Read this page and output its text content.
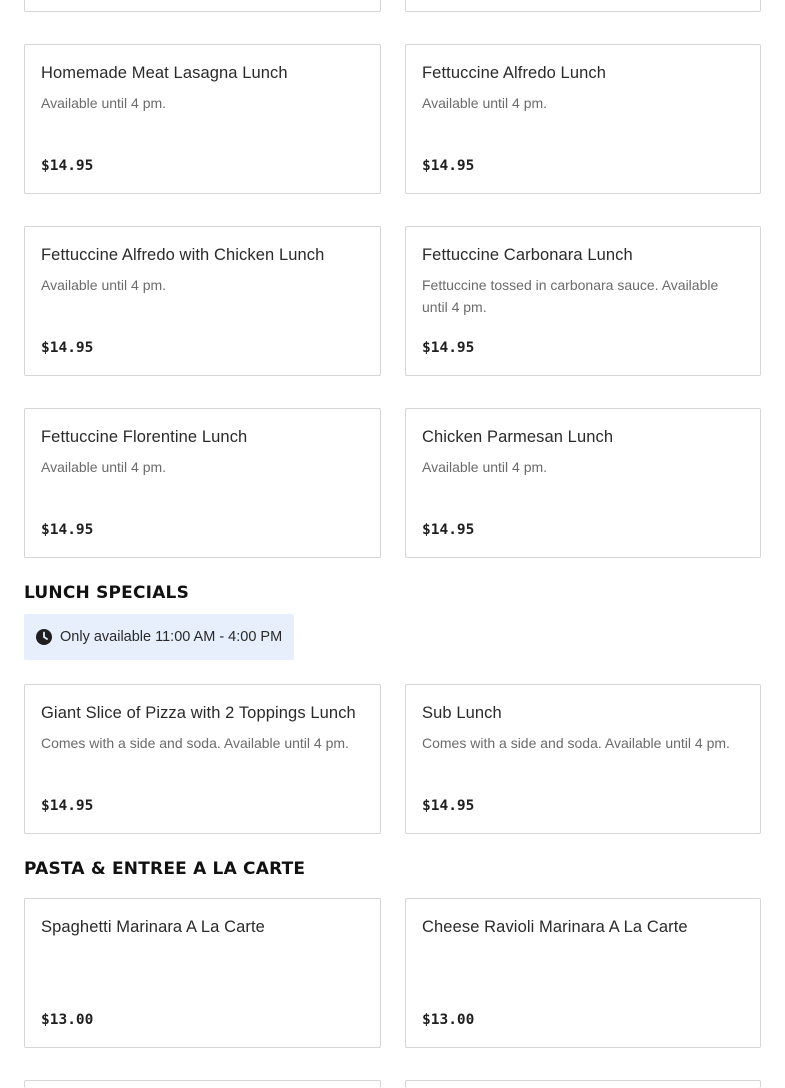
Homemade Meat Lasagna Lunch
Available until 4 pm.
$14.95
Fettuccine Alfredo Lunch
Available until 4 pm.
$14.95
Fettuccine Alfredo with Chicken Lunch
Available until 4 pm.
$14.95
Fettuccine Carbonara Lunch
Fettuccine tossed in carbonara sauce. Available until 4 pm.
$14.95
Fettuccine Florentine Lunch
Available until 4 pm.
$14.95
Chicken Parmesan Lunch
Available until 4 pm.
$14.95
LUNCH SPECIALS
Only available 11:00 AM - 4:00 PM
Giant Slice of Pizza with 2 Toppings Lunch
Comes with a side and soda. Available until 4 pm.
$14.95
Sub Lunch
Comes with a side and soda. Available until 4 pm.
$14.95
PASTA & ENTREE A LA CARTE
Spaghetti Marinara A La Carte
$13.00
Cheese Ravioli Marinara A La Carte
$13.00
